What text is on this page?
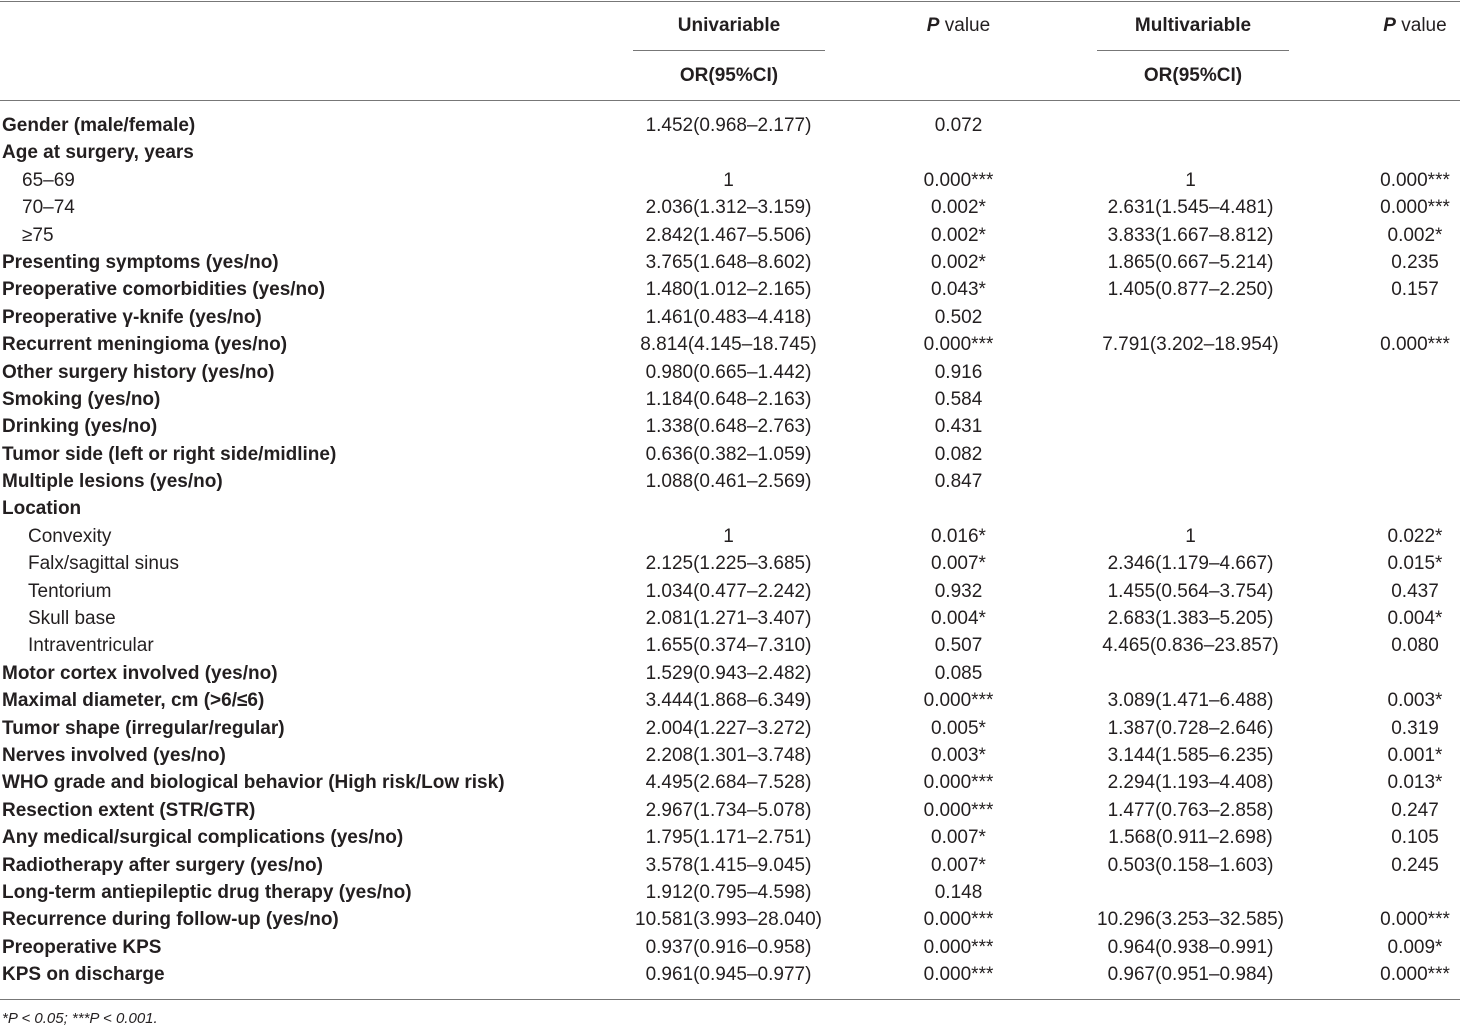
Univariable	P value	Multivariable	P value
OR(95%CI)	OR(95%CI)
Gender (male/female)	1.452(0.968–2.177)	0.072
Age at surgery, years
65–69	1	0.000***	1	0.000***
70–74	2.036(1.312–3.159)	0.002*	2.631(1.545–4.481)	0.000***
≥75	2.842(1.467–5.506)	0.002*	3.833(1.667–8.812)	0.002*
Presenting symptoms (yes/no)	3.765(1.648–8.602)	0.002*	1.865(0.667–5.214)	0.235
Preoperative comorbidities (yes/no)	1.480(1.012–2.165)	0.043*	1.405(0.877–2.250)	0.157
Preoperative γ-knife (yes/no)	1.461(0.483–4.418)	0.502
Recurrent meningioma (yes/no)	8.814(4.145–18.745)	0.000***	7.791(3.202–18.954)	0.000***
Other surgery history (yes/no)	0.980(0.665–1.442)	0.916
Smoking (yes/no)	1.184(0.648–2.163)	0.584
Drinking (yes/no)	1.338(0.648–2.763)	0.431
Tumor side (left or right side/midline)	0.636(0.382–1.059)	0.082
Multiple lesions (yes/no)	1.088(0.461–2.569)	0.847
Location
Convexity	1	0.016*	1	0.022*
Falx/sagittal sinus	2.125(1.225–3.685)	0.007*	2.346(1.179–4.667)	0.015*
Tentorium	1.034(0.477–2.242)	0.932	1.455(0.564–3.754)	0.437
Skull base	2.081(1.271–3.407)	0.004*	2.683(1.383–5.205)	0.004*
Intraventricular	1.655(0.374–7.310)	0.507	4.465(0.836–23.857)	0.080
Motor cortex involved (yes/no)	1.529(0.943–2.482)	0.085
Maximal diameter, cm (>6/≤6)	3.444(1.868–6.349)	0.000***	3.089(1.471–6.488)	0.003*
Tumor shape (irregular/regular)	2.004(1.227–3.272)	0.005*	1.387(0.728–2.646)	0.319
Nerves involved (yes/no)	2.208(1.301–3.748)	0.003*	3.144(1.585–6.235)	0.001*
WHO grade and biological behavior (High risk/Low risk)	4.495(2.684–7.528)	0.000***	2.294(1.193–4.408)	0.013*
Resection extent (STR/GTR)	2.967(1.734–5.078)	0.000***	1.477(0.763–2.858)	0.247
Any medical/surgical complications (yes/no)	1.795(1.171–2.751)	0.007*	1.568(0.911–2.698)	0.105
Radiotherapy after surgery (yes/no)	3.578(1.415–9.045)	0.007*	0.503(0.158–1.603)	0.245
Long-term antiepileptic drug therapy (yes/no)	1.912(0.795–4.598)	0.148
Recurrence during follow-up (yes/no)	10.581(3.993–28.040)	0.000***	10.296(3.253–32.585)	0.000***
Preoperative KPS	0.937(0.916–0.958)	0.000***	0.964(0.938–0.991)	0.009*
KPS on discharge	0.961(0.945–0.977)	0.000***	0.967(0.951–0.984)	0.000***
*P < 0.05; ***P < 0.001.
